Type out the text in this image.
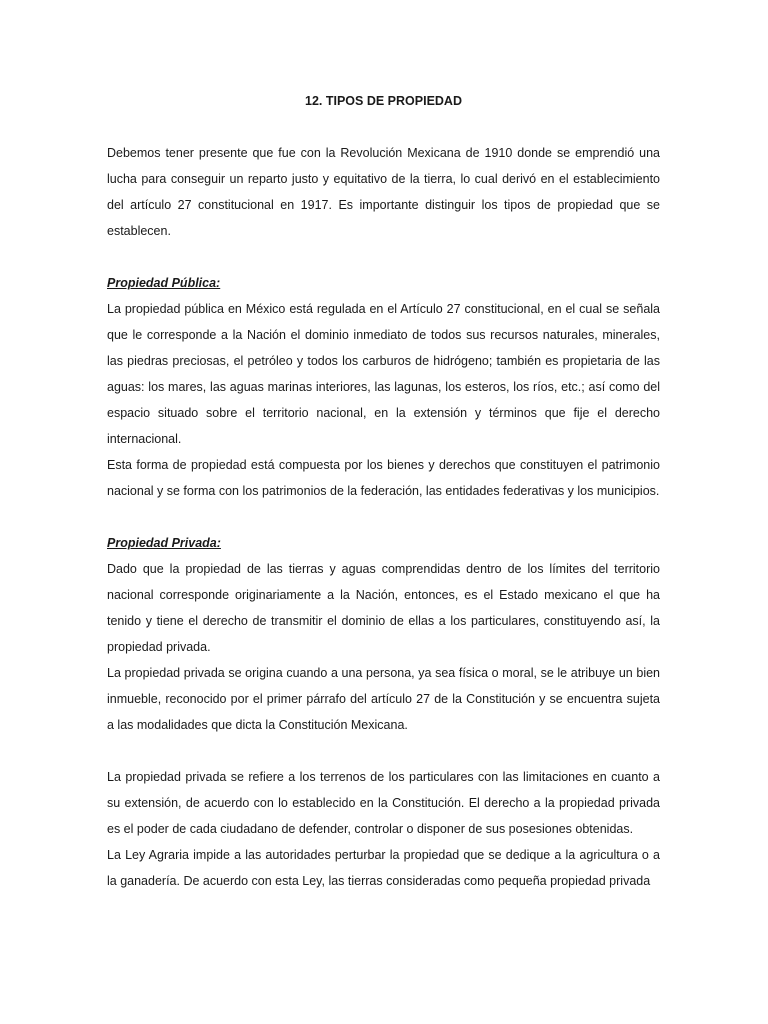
12. TIPOS DE PROPIEDAD

Debemos tener presente que fue con la Revolución Mexicana de 1910 donde se emprendió una lucha para conseguir un reparto justo y equitativo de la tierra, lo cual derivó en el establecimiento del artículo 27 constitucional en 1917. Es importante distinguir los tipos de propiedad que se establecen.

Propiedad Pública:

La propiedad pública en México está regulada en el Artículo 27 constitucional, en el cual se señala que le corresponde a la Nación el dominio inmediato de todos sus recursos naturales, minerales, las piedras preciosas, el petróleo y todos los carburos de hidrógeno; también es propietaria de las aguas: los mares, las aguas marinas interiores, las lagunas, los esteros, los ríos, etc.; así como del espacio situado sobre el territorio nacional, en la extensión y términos que fije el derecho internacional.

Esta forma de propiedad está compuesta por los bienes y derechos que constituyen el patrimonio nacional y se forma con los patrimonios de la federación, las entidades federativas y los municipios.

Propiedad Privada:

Dado que la propiedad de las tierras y aguas comprendidas dentro de los límites del territorio nacional corresponde originariamente a la Nación, entonces, es el Estado mexicano el que ha tenido y tiene el derecho de transmitir el dominio de ellas a los particulares, constituyendo así, la propiedad privada.

La propiedad privada se origina cuando a una persona, ya sea física o moral, se le atribuye un bien inmueble, reconocido por el primer párrafo del artículo 27 de la Constitución y se encuentra sujeta a las modalidades que dicta la Constitución Mexicana.

La propiedad privada se refiere a los terrenos de los particulares con las limitaciones en cuanto a su extensión, de acuerdo con lo establecido en la Constitución. El derecho a la propiedad privada es el poder de cada ciudadano de defender, controlar o disponer de sus posesiones obtenidas.

La Ley Agraria impide a las autoridades perturbar la propiedad que se dedique a la agricultura o a la ganadería. De acuerdo con esta Ley, las tierras consideradas como pequeña propiedad privada
